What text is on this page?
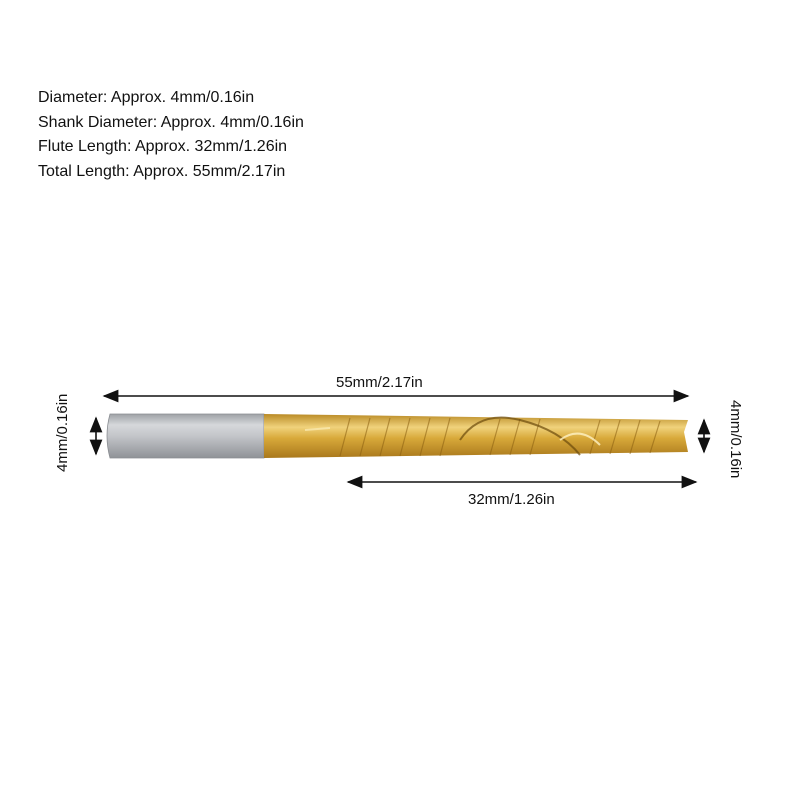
Diameter: Approx. 4mm/0.16in
Shank Diameter: Approx. 4mm/0.16in
Flute Length: Approx. 32mm/1.26in
Total Length: Approx. 55mm/2.17in
55mm/2.17in
32mm/1.26in
4mm/0.16in	4mm/0.16in
